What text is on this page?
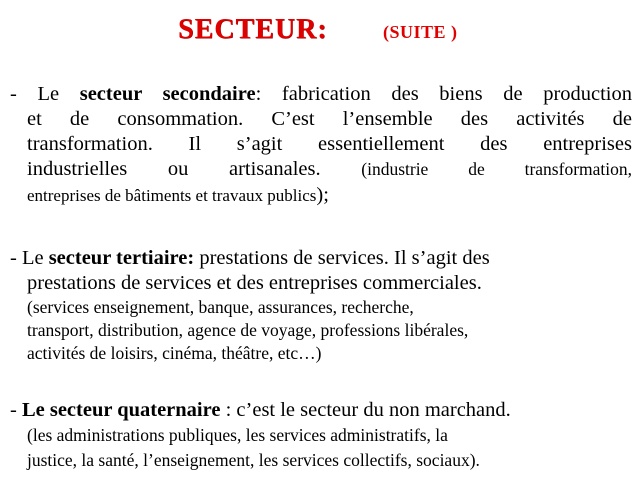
SECTEUR:	(SUITE )
- Le secteur secondaire: fabrication des biens de production
et de consommation. C’est l’ensemble des activités de
transformation. Il s’agit essentiellement des entreprises
industrielles ou artisanales. (industrie de transformation,
entreprises de bâtiments et travaux publics);
- Le secteur tertiaire: prestations de services. Il s’agit des
prestations de services et des entreprises commerciales.
(services enseignement, banque, assurances, recherche,
transport, distribution, agence de voyage, professions libérales,
activités de loisirs, cinéma, théâtre, etc…)
- Le secteur quaternaire : c’est le secteur du non marchand.
(les administrations publiques, les services administratifs, la
justice, la santé, l’enseignement, les services collectifs, sociaux).
